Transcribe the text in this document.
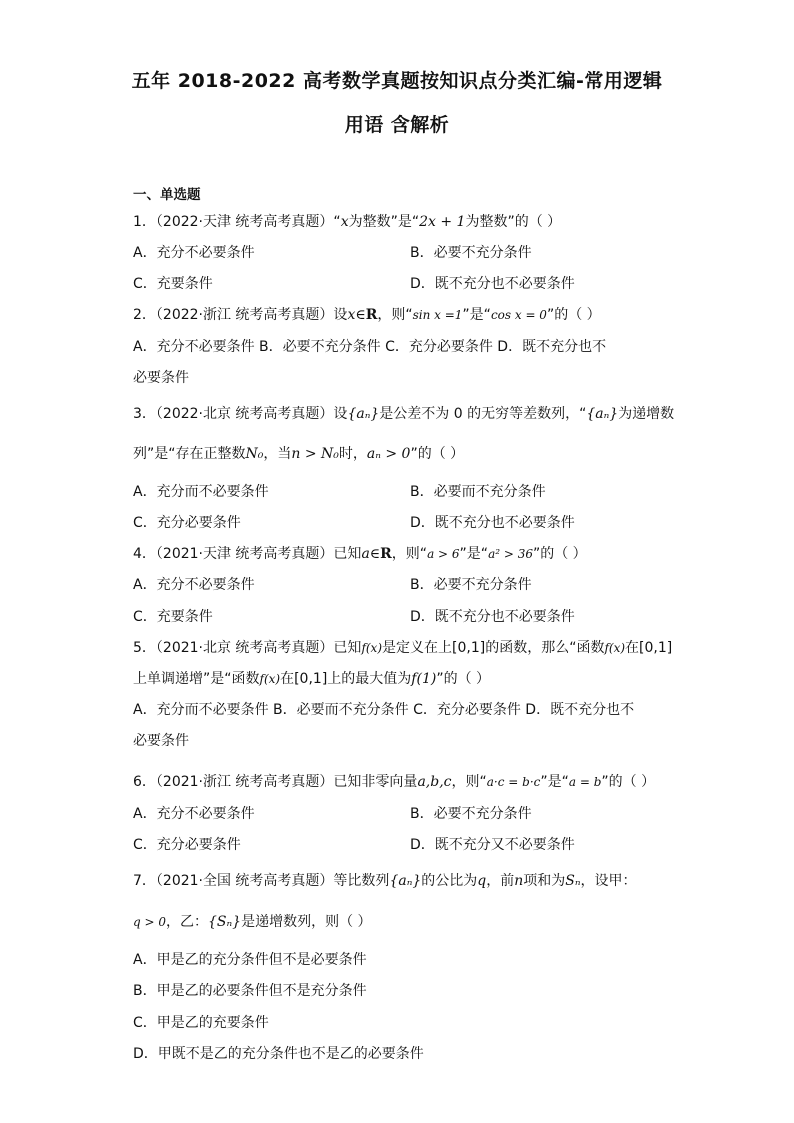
五年 2018-2022 高考数学真题按知识点分类汇编-常用逻辑
用语 含解析
一、单选题
1．（2022·天津 统考高考真题）“x为整数”是“2x + 1为整数”的（ ）
A．充分不必要条件	B．必要不充分条件
C．充要条件	D．既不充分也不必要条件
2．（2022·浙江 统考高考真题）设x∈R，则“sin x =1”是“cos x = 0”的（ ）
A．充分不必要条件 B．必要不充分条件 C．充分必要条件 D．既不充分也不
必要条件
3．（2022·北京 统考高考真题）设{aₙ}是公差不为 0 的无穷等差数列，“{aₙ}为递增数
列”是“存在正整数N₀，当n > N₀时，aₙ > 0”的（ ）
A．充分而不必要条件	B．必要而不充分条件
C．充分必要条件	D．既不充分也不必要条件
4．（2021·天津 统考高考真题）已知a∈R，则“a > 6”是“a² > 36”的（ ）
A．充分不必要条件	B．必要不充分条件
C．充要条件	D．既不充分也不必要条件
5．（2021·北京 统考高考真题）已知f(x)是定义在上[0,1]的函数，那么“函数f(x)在[0,1]
上单调递增”是“函数f(x)在[0,1]上的最大值为f(1)”的（ ）
A．充分而不必要条件 B．必要而不充分条件 C．充分必要条件 D．既不充分也不
必要条件
6．（2021·浙江 统考高考真题）已知非零向量a,b,c，则“a·c = b·c”是“a = b”的（ ）
A．充分不必要条件	B．必要不充分条件
C．充分必要条件	D．既不充分又不必要条件
7．（2021·全国 统考高考真题）等比数列{aₙ}的公比为q，前n项和为Sₙ，设甲：
q > 0，乙：{Sₙ}是递增数列，则（ ）
A．甲是乙的充分条件但不是必要条件
B．甲是乙的必要条件但不是充分条件
C．甲是乙的充要条件
D．甲既不是乙的充分条件也不是乙的必要条件
